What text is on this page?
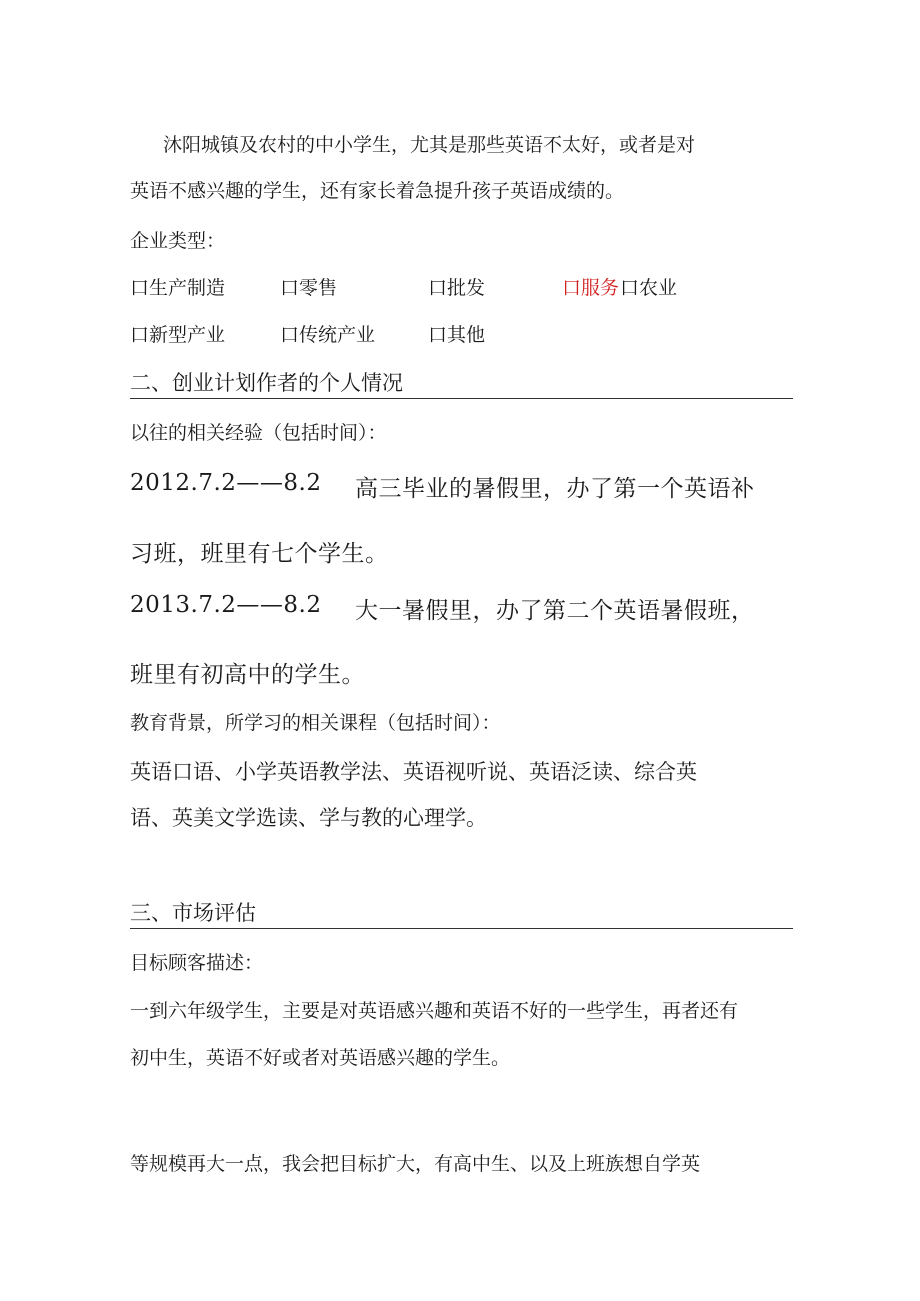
沐阳城镇及农村的中小学生，尤其是那些英语不太好，或者是对

英语不感兴趣的学生，还有家长着急提升孩子英语成绩的。

企业类型：

口生产制造	口零售	口批发	口服务 口农业
口新型产业	口传统产业	口其他

二、创业计划作者的个人情况

以往的相关经验（包括时间）：

2012.7.2——8.2 高三毕业的暑假里，办了第一个英语补

习班，班里有七个学生。

2013.7.2——8.2 大一暑假里，办了第二个英语暑假班，

班里有初高中的学生。

教育背景，所学习的相关课程（包括时间）：

英语口语、小学英语教学法、英语视听说、英语泛读、综合英

语、英美文学选读、学与教的心理学。

三、市场评估

目标顾客描述：

一到六年级学生，主要是对英语感兴趣和英语不好的一些学生，再者还有

初中生，英语不好或者对英语感兴趣的学生。

等规模再大一点，我会把目标扩大，有高中生、以及上班族想自学英
